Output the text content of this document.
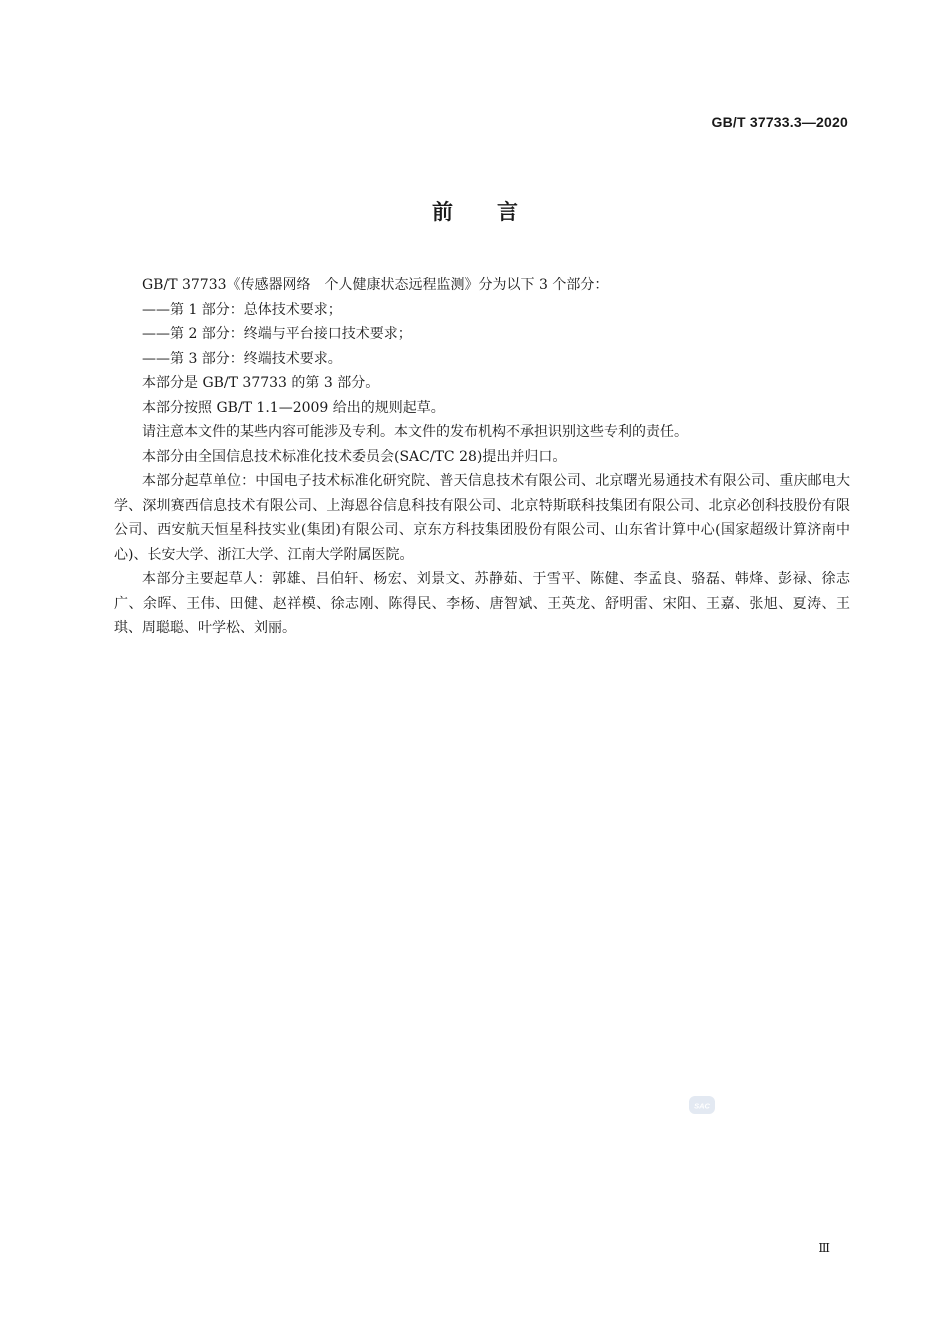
GB/T 37733.3—2020
前言

GB/T 37733《传感器网络　个人健康状态远程监测》分为以下 3 个部分：

——第 1 部分：总体技术要求；

——第 2 部分：终端与平台接口技术要求；

——第 3 部分：终端技术要求。

本部分是 GB/T 37733 的第 3 部分。

本部分按照 GB/T 1.1—2009 给出的规则起草。

请注意本文件的某些内容可能涉及专利。本文件的发布机构不承担识别这些专利的责任。

本部分由全国信息技术标准化技术委员会(SAC/TC 28)提出并归口。

本部分起草单位：中国电子技术标准化研究院、普天信息技术有限公司、北京曙光易通技术有限公司、重庆邮电大学、深圳赛西信息技术有限公司、上海恩谷信息科技有限公司、北京特斯联科技集团有限公司、北京必创科技股份有限公司、西安航天恒星科技实业(集团)有限公司、京东方科技集团股份有限公司、山东省计算中心(国家超级计算济南中心)、长安大学、浙江大学、江南大学附属医院。

本部分主要起草人：郭雄、吕伯轩、杨宏、刘景文、苏静茹、于雪平、陈健、李孟良、骆磊、韩烽、彭禄、徐志广、余晖、王伟、田健、赵祥模、徐志刚、陈得民、李杨、唐智斌、王英龙、舒明雷、宋阳、王嘉、张旭、夏涛、王琪、周聪聪、叶学松、刘丽。

SAC
Ⅲ
